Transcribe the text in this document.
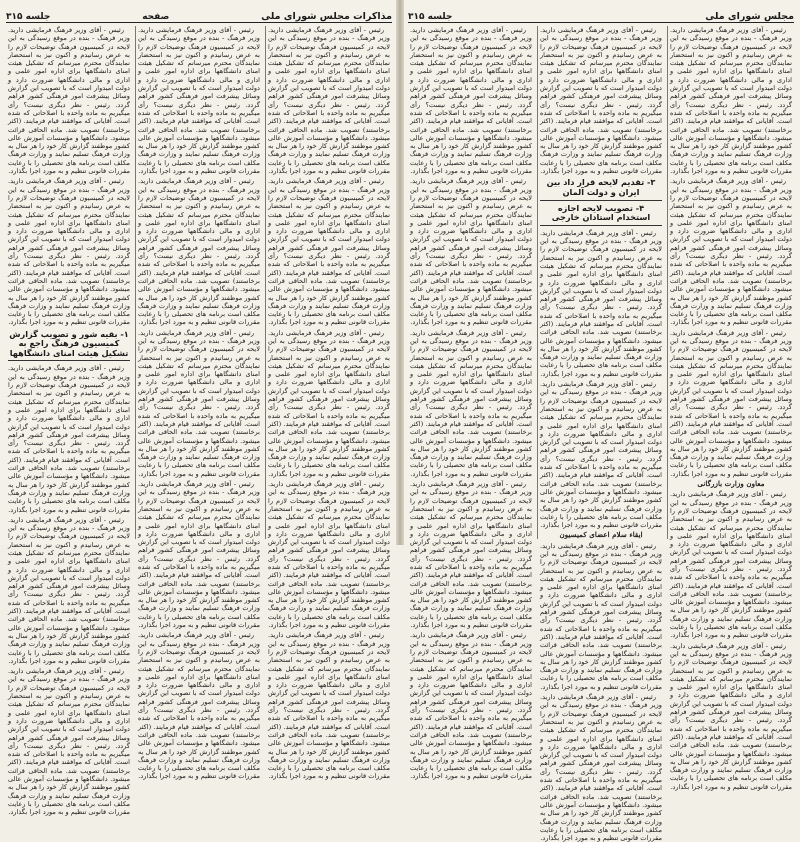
مذاکرات مجلس شورای ملی
صفحه
جلسه ۳۱۵

رئیس - آقای وزیر فرهنگ فرمایشی دارید. وزیر فرهنگ - بنده در موقع رسیدگی به این لایحه در کمیسیون فرهنگ توضیحات لازم را به عرض رسانیدم و اکنون نیز به استحضار نمایندگان محترم میرسانم که تشکیل هیئت امنای دانشگاهها برای اداره امور علمی و اداری و مالی دانشگاهها ضرورت دارد و دولت امیدوار است که با تصویب این گزارش وسائل پیشرفت امور فرهنگی کشور فراهم گردد. رئیس - نظر دیگری نیست؟ رأی میگیریم به ماده واحده با اصلاحاتی که شده است. آقایانی که موافقند قیام فرمایند. (اکثر برخاستند) تصویب شد. ماده الحاقی قرائت میشود. دانشگاهها و مؤسسات آموزش عالی کشور موظفند گزارش کار خود را هر سال به وزارت فرهنگ تسلیم نمایند و وزارت فرهنگ مکلف است برنامه های تحصیلی را با رعایت مقررات قانونی تنظیم و به مورد اجرا بگذارد.

رئیس - آقای وزیر فرهنگ فرمایشی دارید. وزیر فرهنگ - بنده در موقع رسیدگی به این لایحه در کمیسیون فرهنگ توضیحات لازم را به عرض رسانیدم و اکنون نیز به استحضار نمایندگان محترم میرسانم که تشکیل هیئت امنای دانشگاهها برای اداره امور علمی و اداری و مالی دانشگاهها ضرورت دارد و دولت امیدوار است که با تصویب این گزارش وسائل پیشرفت امور فرهنگی کشور فراهم گردد. رئیس - نظر دیگری نیست؟ رأی میگیریم به ماده واحده با اصلاحاتی که شده است. آقایانی که موافقند قیام فرمایند. (اکثر برخاستند) تصویب شد. ماده الحاقی قرائت میشود. دانشگاهها و مؤسسات آموزش عالی کشور موظفند گزارش کار خود را هر سال به وزارت فرهنگ تسلیم نمایند و وزارت فرهنگ مکلف است برنامه های تحصیلی را با رعایت مقررات قانونی تنظیم و به مورد اجرا بگذارد.

رئیس - آقای وزیر فرهنگ فرمایشی دارید. وزیر فرهنگ - بنده در موقع رسیدگی به این لایحه در کمیسیون فرهنگ توضیحات لازم را به عرض رسانیدم و اکنون نیز به استحضار نمایندگان محترم میرسانم که تشکیل هیئت امنای دانشگاهها برای اداره امور علمی و اداری و مالی دانشگاهها ضرورت دارد و دولت امیدوار است که با تصویب این گزارش وسائل پیشرفت امور فرهنگی کشور فراهم گردد. رئیس - نظر دیگری نیست؟ رأی میگیریم به ماده واحده با اصلاحاتی که شده است. آقایانی که موافقند قیام فرمایند. (اکثر برخاستند) تصویب شد. ماده الحاقی قرائت میشود. دانشگاهها و مؤسسات آموزش عالی کشور موظفند گزارش کار خود را هر سال به وزارت فرهنگ تسلیم نمایند و وزارت فرهنگ مکلف است برنامه های تحصیلی را با رعایت مقررات قانونی تنظیم و به مورد اجرا بگذارد.

رئیس - آقای وزیر فرهنگ فرمایشی دارید. وزیر فرهنگ - بنده در موقع رسیدگی به این لایحه در کمیسیون فرهنگ توضیحات لازم را به عرض رسانیدم و اکنون نیز به استحضار نمایندگان محترم میرسانم که تشکیل هیئت امنای دانشگاهها برای اداره امور علمی و اداری و مالی دانشگاهها ضرورت دارد و دولت امیدوار است که با تصویب این گزارش وسائل پیشرفت امور فرهنگی کشور فراهم گردد. رئیس - نظر دیگری نیست؟ رأی میگیریم به ماده واحده با اصلاحاتی که شده است. آقایانی که موافقند قیام فرمایند. (اکثر برخاستند) تصویب شد. ماده الحاقی قرائت میشود. دانشگاهها و مؤسسات آموزش عالی کشور موظفند گزارش کار خود را هر سال به وزارت فرهنگ تسلیم نمایند و وزارت فرهنگ مکلف است برنامه های تحصیلی را با رعایت مقررات قانونی تنظیم و به مورد اجرا بگذارد.

رئیس - آقای وزیر فرهنگ فرمایشی دارید. وزیر فرهنگ - بنده در موقع رسیدگی به این لایحه در کمیسیون فرهنگ توضیحات لازم را به عرض رسانیدم و اکنون نیز به استحضار نمایندگان محترم میرسانم که تشکیل هیئت امنای دانشگاهها برای اداره امور علمی و اداری و مالی دانشگاهها ضرورت دارد و دولت امیدوار است که با تصویب این گزارش وسائل پیشرفت امور فرهنگی کشور فراهم گردد. رئیس - نظر دیگری نیست؟ رأی میگیریم به ماده واحده با اصلاحاتی که شده است. آقایانی که موافقند قیام فرمایند. (اکثر برخاستند) تصویب شد. ماده الحاقی قرائت میشود. دانشگاهها و مؤسسات آموزش عالی کشور موظفند گزارش کار خود را هر سال به وزارت فرهنگ تسلیم نمایند و وزارت فرهنگ مکلف است برنامه های تحصیلی را با رعایت مقررات قانونی تنظیم و به مورد اجرا بگذارد.

رئیس - آقای وزیر فرهنگ فرمایشی دارید. وزیر فرهنگ - بنده در موقع رسیدگی به این لایحه در کمیسیون فرهنگ توضیحات لازم را به عرض رسانیدم و اکنون نیز به استحضار نمایندگان محترم میرسانم که تشکیل هیئت امنای دانشگاهها برای اداره امور علمی و اداری و مالی دانشگاهها ضرورت دارد و دولت امیدوار است که با تصویب این گزارش وسائل پیشرفت امور فرهنگی کشور فراهم گردد. رئیس - نظر دیگری نیست؟ رأی میگیریم به ماده واحده با اصلاحاتی که شده است. آقایانی که موافقند قیام فرمایند. (اکثر برخاستند) تصویب شد. ماده الحاقی قرائت میشود. دانشگاهها و مؤسسات آموزش عالی کشور موظفند گزارش کار خود را هر سال به وزارت فرهنگ تسلیم نمایند و وزارت فرهنگ مکلف است برنامه های تحصیلی را با رعایت مقررات قانونی تنظیم و به مورد اجرا بگذارد.

رئیس - آقای وزیر فرهنگ فرمایشی دارید. وزیر فرهنگ - بنده در موقع رسیدگی به این لایحه در کمیسیون فرهنگ توضیحات لازم را به عرض رسانیدم و اکنون نیز به استحضار نمایندگان محترم میرسانم که تشکیل هیئت امنای دانشگاهها برای اداره امور علمی و اداری و مالی دانشگاهها ضرورت دارد و دولت امیدوار است که با تصویب این گزارش وسائل پیشرفت امور فرهنگی کشور فراهم گردد. رئیس - نظر دیگری نیست؟ رأی میگیریم به ماده واحده با اصلاحاتی که شده است. آقایانی که موافقند قیام فرمایند. (اکثر برخاستند) تصویب شد. ماده الحاقی قرائت میشود. دانشگاهها و مؤسسات آموزش عالی کشور موظفند گزارش کار خود را هر سال به وزارت فرهنگ تسلیم نمایند و وزارت فرهنگ مکلف است برنامه های تحصیلی را با رعایت مقررات قانونی تنظیم و به مورد اجرا بگذارد.

رئیس - آقای وزیر فرهنگ فرمایشی دارید. وزیر فرهنگ - بنده در موقع رسیدگی به این لایحه در کمیسیون فرهنگ توضیحات لازم را به عرض رسانیدم و اکنون نیز به استحضار نمایندگان محترم میرسانم که تشکیل هیئت امنای دانشگاهها برای اداره امور علمی و اداری و مالی دانشگاهها ضرورت دارد و دولت امیدوار است که با تصویب این گزارش وسائل پیشرفت امور فرهنگی کشور فراهم گردد. رئیس - نظر دیگری نیست؟ رأی میگیریم به ماده واحده با اصلاحاتی که شده است. آقایانی که موافقند قیام فرمایند. (اکثر برخاستند) تصویب شد. ماده الحاقی قرائت میشود. دانشگاهها و مؤسسات آموزش عالی کشور موظفند گزارش کار خود را هر سال به وزارت فرهنگ تسلیم نمایند و وزارت فرهنگ مکلف است برنامه های تحصیلی را با رعایت مقررات قانونی تنظیم و به مورد اجرا بگذارد.

رئیس - آقای وزیر فرهنگ فرمایشی دارید. وزیر فرهنگ - بنده در موقع رسیدگی به این لایحه در کمیسیون فرهنگ توضیحات لازم را به عرض رسانیدم و اکنون نیز به استحضار نمایندگان محترم میرسانم که تشکیل هیئت امنای دانشگاهها برای اداره امور علمی و اداری و مالی دانشگاهها ضرورت دارد و دولت امیدوار است که با تصویب این گزارش وسائل پیشرفت امور فرهنگی کشور فراهم گردد. رئیس - نظر دیگری نیست؟ رأی میگیریم به ماده واحده با اصلاحاتی که شده است. آقایانی که موافقند قیام فرمایند. (اکثر برخاستند) تصویب شد. ماده الحاقی قرائت میشود. دانشگاهها و مؤسسات آموزش عالی کشور موظفند گزارش کار خود را هر سال به وزارت فرهنگ تسلیم نمایند و وزارت فرهنگ مکلف است برنامه های تحصیلی را با رعایت مقررات قانونی تنظیم و به مورد اجرا بگذارد.

رئیس - آقای وزیر فرهنگ فرمایشی دارید. وزیر فرهنگ - بنده در موقع رسیدگی به این لایحه در کمیسیون فرهنگ توضیحات لازم را به عرض رسانیدم و اکنون نیز به استحضار نمایندگان محترم میرسانم که تشکیل هیئت امنای دانشگاهها برای اداره امور علمی و اداری و مالی دانشگاهها ضرورت دارد و دولت امیدوار است که با تصویب این گزارش وسائل پیشرفت امور فرهنگی کشور فراهم گردد. رئیس - نظر دیگری نیست؟ رأی میگیریم به ماده واحده با اصلاحاتی که شده است. آقایانی که موافقند قیام فرمایند. (اکثر برخاستند) تصویب شد. ماده الحاقی قرائت میشود. دانشگاهها و مؤسسات آموزش عالی کشور موظفند گزارش کار خود را هر سال به وزارت فرهنگ تسلیم نمایند و وزارت فرهنگ مکلف است برنامه های تحصیلی را با رعایت مقررات قانونی تنظیم و به مورد اجرا بگذارد.

رئیس - آقای وزیر فرهنگ فرمایشی دارید. وزیر فرهنگ - بنده در موقع رسیدگی به این لایحه در کمیسیون فرهنگ توضیحات لازم را به عرض رسانیدم و اکنون نیز به استحضار نمایندگان محترم میرسانم که تشکیل هیئت امنای دانشگاهها برای اداره امور علمی و اداری و مالی دانشگاهها ضرورت دارد و دولت امیدوار است که با تصویب این گزارش وسائل پیشرفت امور فرهنگی کشور فراهم گردد. رئیس - نظر دیگری نیست؟ رأی میگیریم به ماده واحده با اصلاحاتی که شده است. آقایانی که موافقند قیام فرمایند. (اکثر برخاستند) تصویب شد. ماده الحاقی قرائت میشود. دانشگاهها و مؤسسات آموزش عالی کشور موظفند گزارش کار خود را هر سال به وزارت فرهنگ تسلیم نمایند و وزارت فرهنگ مکلف است برنامه های تحصیلی را با رعایت مقررات قانونی تنظیم و به مورد اجرا بگذارد.

رئیس - آقای وزیر فرهنگ فرمایشی دارید. وزیر فرهنگ - بنده در موقع رسیدگی به این لایحه در کمیسیون فرهنگ توضیحات لازم را به عرض رسانیدم و اکنون نیز به استحضار نمایندگان محترم میرسانم که تشکیل هیئت امنای دانشگاهها برای اداره امور علمی و اداری و مالی دانشگاهها ضرورت دارد و دولت امیدوار است که با تصویب این گزارش وسائل پیشرفت امور فرهنگی کشور فراهم گردد. رئیس - نظر دیگری نیست؟ رأی میگیریم به ماده واحده با اصلاحاتی که شده است. آقایانی که موافقند قیام فرمایند. (اکثر برخاستند) تصویب شد. ماده الحاقی قرائت میشود. دانشگاهها و مؤسسات آموزش عالی کشور موظفند گزارش کار خود را هر سال به وزارت فرهنگ تسلیم نمایند و وزارت فرهنگ مکلف است برنامه های تحصیلی را با رعایت مقررات قانونی تنظیم و به مورد اجرا بگذارد.

۱- بقیه شور و تصویب گزارش کمیسیون فرهنگ راجع به تشکیل هیئت امنای دانشگاهها

رئیس - آقای وزیر فرهنگ فرمایشی دارید. وزیر فرهنگ - بنده در موقع رسیدگی به این لایحه در کمیسیون فرهنگ توضیحات لازم را به عرض رسانیدم و اکنون نیز به استحضار نمایندگان محترم میرسانم که تشکیل هیئت امنای دانشگاهها برای اداره امور علمی و اداری و مالی دانشگاهها ضرورت دارد و دولت امیدوار است که با تصویب این گزارش وسائل پیشرفت امور فرهنگی کشور فراهم گردد. رئیس - نظر دیگری نیست؟ رأی میگیریم به ماده واحده با اصلاحاتی که شده است. آقایانی که موافقند قیام فرمایند. (اکثر برخاستند) تصویب شد. ماده الحاقی قرائت میشود. دانشگاهها و مؤسسات آموزش عالی کشور موظفند گزارش کار خود را هر سال به وزارت فرهنگ تسلیم نمایند و وزارت فرهنگ مکلف است برنامه های تحصیلی را با رعایت مقررات قانونی تنظیم و به مورد اجرا بگذارد.

رئیس - آقای وزیر فرهنگ فرمایشی دارید. وزیر فرهنگ - بنده در موقع رسیدگی به این لایحه در کمیسیون فرهنگ توضیحات لازم را به عرض رسانیدم و اکنون نیز به استحضار نمایندگان محترم میرسانم که تشکیل هیئت امنای دانشگاهها برای اداره امور علمی و اداری و مالی دانشگاهها ضرورت دارد و دولت امیدوار است که با تصویب این گزارش وسائل پیشرفت امور فرهنگی کشور فراهم گردد. رئیس - نظر دیگری نیست؟ رأی میگیریم به ماده واحده با اصلاحاتی که شده است. آقایانی که موافقند قیام فرمایند. (اکثر برخاستند) تصویب شد. ماده الحاقی قرائت میشود. دانشگاهها و مؤسسات آموزش عالی کشور موظفند گزارش کار خود را هر سال به وزارت فرهنگ تسلیم نمایند و وزارت فرهنگ مکلف است برنامه های تحصیلی را با رعایت مقررات قانونی تنظیم و به مورد اجرا بگذارد.

رئیس - آقای وزیر فرهنگ فرمایشی دارید. وزیر فرهنگ - بنده در موقع رسیدگی به این لایحه در کمیسیون فرهنگ توضیحات لازم را به عرض رسانیدم و اکنون نیز به استحضار نمایندگان محترم میرسانم که تشکیل هیئت امنای دانشگاهها برای اداره امور علمی و اداری و مالی دانشگاهها ضرورت دارد و دولت امیدوار است که با تصویب این گزارش وسائل پیشرفت امور فرهنگی کشور فراهم گردد. رئیس - نظر دیگری نیست؟ رأی میگیریم به ماده واحده با اصلاحاتی که شده است. آقایانی که موافقند قیام فرمایند. (اکثر برخاستند) تصویب شد. ماده الحاقی قرائت میشود. دانشگاهها و مؤسسات آموزش عالی کشور موظفند گزارش کار خود را هر سال به وزارت فرهنگ تسلیم نمایند و وزارت فرهنگ مکلف است برنامه های تحصیلی را با رعایت مقررات قانونی تنظیم و به مورد اجرا بگذارد.

مجلس شورای ملی
جلسه ۳۱۵

رئیس - آقای وزیر فرهنگ فرمایشی دارید. وزیر فرهنگ - بنده در موقع رسیدگی به این لایحه در کمیسیون فرهنگ توضیحات لازم را به عرض رسانیدم و اکنون نیز به استحضار نمایندگان محترم میرسانم که تشکیل هیئت امنای دانشگاهها برای اداره امور علمی و اداری و مالی دانشگاهها ضرورت دارد و دولت امیدوار است که با تصویب این گزارش وسائل پیشرفت امور فرهنگی کشور فراهم گردد. رئیس - نظر دیگری نیست؟ رأی میگیریم به ماده واحده با اصلاحاتی که شده است. آقایانی که موافقند قیام فرمایند. (اکثر برخاستند) تصویب شد. ماده الحاقی قرائت میشود. دانشگاهها و مؤسسات آموزش عالی کشور موظفند گزارش کار خود را هر سال به وزارت فرهنگ تسلیم نمایند و وزارت فرهنگ مکلف است برنامه های تحصیلی را با رعایت مقررات قانونی تنظیم و به مورد اجرا بگذارد.

رئیس - آقای وزیر فرهنگ فرمایشی دارید. وزیر فرهنگ - بنده در موقع رسیدگی به این لایحه در کمیسیون فرهنگ توضیحات لازم را به عرض رسانیدم و اکنون نیز به استحضار نمایندگان محترم میرسانم که تشکیل هیئت امنای دانشگاهها برای اداره امور علمی و اداری و مالی دانشگاهها ضرورت دارد و دولت امیدوار است که با تصویب این گزارش وسائل پیشرفت امور فرهنگی کشور فراهم گردد. رئیس - نظر دیگری نیست؟ رأی میگیریم به ماده واحده با اصلاحاتی که شده است. آقایانی که موافقند قیام فرمایند. (اکثر برخاستند) تصویب شد. ماده الحاقی قرائت میشود. دانشگاهها و مؤسسات آموزش عالی کشور موظفند گزارش کار خود را هر سال به وزارت فرهنگ تسلیم نمایند و وزارت فرهنگ مکلف است برنامه های تحصیلی را با رعایت مقررات قانونی تنظیم و به مورد اجرا بگذارد.

رئیس - آقای وزیر فرهنگ فرمایشی دارید. وزیر فرهنگ - بنده در موقع رسیدگی به این لایحه در کمیسیون فرهنگ توضیحات لازم را به عرض رسانیدم و اکنون نیز به استحضار نمایندگان محترم میرسانم که تشکیل هیئت امنای دانشگاهها برای اداره امور علمی و اداری و مالی دانشگاهها ضرورت دارد و دولت امیدوار است که با تصویب این گزارش وسائل پیشرفت امور فرهنگی کشور فراهم گردد. رئیس - نظر دیگری نیست؟ رأی میگیریم به ماده واحده با اصلاحاتی که شده است. آقایانی که موافقند قیام فرمایند. (اکثر برخاستند) تصویب شد. ماده الحاقی قرائت میشود. دانشگاهها و مؤسسات آموزش عالی کشور موظفند گزارش کار خود را هر سال به وزارت فرهنگ تسلیم نمایند و وزارت فرهنگ مکلف است برنامه های تحصیلی را با رعایت مقررات قانونی تنظیم و به مورد اجرا بگذارد.

معاون وزارت بازرگانی

رئیس - آقای وزیر فرهنگ فرمایشی دارید. وزیر فرهنگ - بنده در موقع رسیدگی به این لایحه در کمیسیون فرهنگ توضیحات لازم را به عرض رسانیدم و اکنون نیز به استحضار نمایندگان محترم میرسانم که تشکیل هیئت امنای دانشگاهها برای اداره امور علمی و اداری و مالی دانشگاهها ضرورت دارد و دولت امیدوار است که با تصویب این گزارش وسائل پیشرفت امور فرهنگی کشور فراهم گردد. رئیس - نظر دیگری نیست؟ رأی میگیریم به ماده واحده با اصلاحاتی که شده است. آقایانی که موافقند قیام فرمایند. (اکثر برخاستند) تصویب شد. ماده الحاقی قرائت میشود. دانشگاهها و مؤسسات آموزش عالی کشور موظفند گزارش کار خود را هر سال به وزارت فرهنگ تسلیم نمایند و وزارت فرهنگ مکلف است برنامه های تحصیلی را با رعایت مقررات قانونی تنظیم و به مورد اجرا بگذارد.

رئیس - آقای وزیر فرهنگ فرمایشی دارید. وزیر فرهنگ - بنده در موقع رسیدگی به این لایحه در کمیسیون فرهنگ توضیحات لازم را به عرض رسانیدم و اکنون نیز به استحضار نمایندگان محترم میرسانم که تشکیل هیئت امنای دانشگاهها برای اداره امور علمی و اداری و مالی دانشگاهها ضرورت دارد و دولت امیدوار است که با تصویب این گزارش وسائل پیشرفت امور فرهنگی کشور فراهم گردد. رئیس - نظر دیگری نیست؟ رأی میگیریم به ماده واحده با اصلاحاتی که شده است. آقایانی که موافقند قیام فرمایند. (اکثر برخاستند) تصویب شد. ماده الحاقی قرائت میشود. دانشگاهها و مؤسسات آموزش عالی کشور موظفند گزارش کار خود را هر سال به وزارت فرهنگ تسلیم نمایند و وزارت فرهنگ مکلف است برنامه های تحصیلی را با رعایت مقررات قانونی تنظیم و به مورد اجرا بگذارد.

رئیس - آقای وزیر فرهنگ فرمایشی دارید. وزیر فرهنگ - بنده در موقع رسیدگی به این لایحه در کمیسیون فرهنگ توضیحات لازم را به عرض رسانیدم و اکنون نیز به استحضار نمایندگان محترم میرسانم که تشکیل هیئت امنای دانشگاهها برای اداره امور علمی و اداری و مالی دانشگاهها ضرورت دارد و دولت امیدوار است که با تصویب این گزارش وسائل پیشرفت امور فرهنگی کشور فراهم گردد. رئیس - نظر دیگری نیست؟ رأی میگیریم به ماده واحده با اصلاحاتی که شده است. آقایانی که موافقند قیام فرمایند. (اکثر برخاستند) تصویب شد. ماده الحاقی قرائت میشود. دانشگاهها و مؤسسات آموزش عالی کشور موظفند گزارش کار خود را هر سال به وزارت فرهنگ تسلیم نمایند و وزارت فرهنگ مکلف است برنامه های تحصیلی را با رعایت مقررات قانونی تنظیم و به مورد اجرا بگذارد.

۳- تقدیم لایحه قرار داد بین ایران و دولت آلمان
۴- تصویب لایحه اجازه استخدام استادان خارجی

رئیس - آقای وزیر فرهنگ فرمایشی دارید. وزیر فرهنگ - بنده در موقع رسیدگی به این لایحه در کمیسیون فرهنگ توضیحات لازم را به عرض رسانیدم و اکنون نیز به استحضار نمایندگان محترم میرسانم که تشکیل هیئت امنای دانشگاهها برای اداره امور علمی و اداری و مالی دانشگاهها ضرورت دارد و دولت امیدوار است که با تصویب این گزارش وسائل پیشرفت امور فرهنگی کشور فراهم گردد. رئیس - نظر دیگری نیست؟ رأی میگیریم به ماده واحده با اصلاحاتی که شده است. آقایانی که موافقند قیام فرمایند. (اکثر برخاستند) تصویب شد. ماده الحاقی قرائت میشود. دانشگاهها و مؤسسات آموزش عالی کشور موظفند گزارش کار خود را هر سال به وزارت فرهنگ تسلیم نمایند و وزارت فرهنگ مکلف است برنامه های تحصیلی را با رعایت مقررات قانونی تنظیم و به مورد اجرا بگذارد.

رئیس - آقای وزیر فرهنگ فرمایشی دارید. وزیر فرهنگ - بنده در موقع رسیدگی به این لایحه در کمیسیون فرهنگ توضیحات لازم را به عرض رسانیدم و اکنون نیز به استحضار نمایندگان محترم میرسانم که تشکیل هیئت امنای دانشگاهها برای اداره امور علمی و اداری و مالی دانشگاهها ضرورت دارد و دولت امیدوار است که با تصویب این گزارش وسائل پیشرفت امور فرهنگی کشور فراهم گردد. رئیس - نظر دیگری نیست؟ رأی میگیریم به ماده واحده با اصلاحاتی که شده است. آقایانی که موافقند قیام فرمایند. (اکثر برخاستند) تصویب شد. ماده الحاقی قرائت میشود. دانشگاهها و مؤسسات آموزش عالی کشور موظفند گزارش کار خود را هر سال به وزارت فرهنگ تسلیم نمایند و وزارت فرهنگ مکلف است برنامه های تحصیلی را با رعایت مقررات قانونی تنظیم و به مورد اجرا بگذارد.

ایقاء سلام اعضای کمیسیون

رئیس - آقای وزیر فرهنگ فرمایشی دارید. وزیر فرهنگ - بنده در موقع رسیدگی به این لایحه در کمیسیون فرهنگ توضیحات لازم را به عرض رسانیدم و اکنون نیز به استحضار نمایندگان محترم میرسانم که تشکیل هیئت امنای دانشگاهها برای اداره امور علمی و اداری و مالی دانشگاهها ضرورت دارد و دولت امیدوار است که با تصویب این گزارش وسائل پیشرفت امور فرهنگی کشور فراهم گردد. رئیس - نظر دیگری نیست؟ رأی میگیریم به ماده واحده با اصلاحاتی که شده است. آقایانی که موافقند قیام فرمایند. (اکثر برخاستند) تصویب شد. ماده الحاقی قرائت میشود. دانشگاهها و مؤسسات آموزش عالی کشور موظفند گزارش کار خود را هر سال به وزارت فرهنگ تسلیم نمایند و وزارت فرهنگ مکلف است برنامه های تحصیلی را با رعایت مقررات قانونی تنظیم و به مورد اجرا بگذارد.

رئیس - آقای وزیر فرهنگ فرمایشی دارید. وزیر فرهنگ - بنده در موقع رسیدگی به این لایحه در کمیسیون فرهنگ توضیحات لازم را به عرض رسانیدم و اکنون نیز به استحضار نمایندگان محترم میرسانم که تشکیل هیئت امنای دانشگاهها برای اداره امور علمی و اداری و مالی دانشگاهها ضرورت دارد و دولت امیدوار است که با تصویب این گزارش وسائل پیشرفت امور فرهنگی کشور فراهم گردد. رئیس - نظر دیگری نیست؟ رأی میگیریم به ماده واحده با اصلاحاتی که شده است. آقایانی که موافقند قیام فرمایند. (اکثر برخاستند) تصویب شد. ماده الحاقی قرائت میشود. دانشگاهها و مؤسسات آموزش عالی کشور موظفند گزارش کار خود را هر سال به وزارت فرهنگ تسلیم نمایند و وزارت فرهنگ مکلف است برنامه های تحصیلی را با رعایت مقررات قانونی تنظیم و به مورد اجرا بگذارد.

رئیس - آقای وزیر فرهنگ فرمایشی دارید. وزیر فرهنگ - بنده در موقع رسیدگی به این لایحه در کمیسیون فرهنگ توضیحات لازم را به عرض رسانیدم و اکنون نیز به استحضار نمایندگان محترم میرسانم که تشکیل هیئت امنای دانشگاهها برای اداره امور علمی و اداری و مالی دانشگاهها ضرورت دارد و دولت امیدوار است که با تصویب این گزارش وسائل پیشرفت امور فرهنگی کشور فراهم گردد. رئیس - نظر دیگری نیست؟ رأی میگیریم به ماده واحده با اصلاحاتی که شده است. آقایانی که موافقند قیام فرمایند. (اکثر برخاستند) تصویب شد. ماده الحاقی قرائت میشود. دانشگاهها و مؤسسات آموزش عالی کشور موظفند گزارش کار خود را هر سال به وزارت فرهنگ تسلیم نمایند و وزارت فرهنگ مکلف است برنامه های تحصیلی را با رعایت مقررات قانونی تنظیم و به مورد اجرا بگذارد.

رئیس - آقای وزیر فرهنگ فرمایشی دارید. وزیر فرهنگ - بنده در موقع رسیدگی به این لایحه در کمیسیون فرهنگ توضیحات لازم را به عرض رسانیدم و اکنون نیز به استحضار نمایندگان محترم میرسانم که تشکیل هیئت امنای دانشگاهها برای اداره امور علمی و اداری و مالی دانشگاهها ضرورت دارد و دولت امیدوار است که با تصویب این گزارش وسائل پیشرفت امور فرهنگی کشور فراهم گردد. رئیس - نظر دیگری نیست؟ رأی میگیریم به ماده واحده با اصلاحاتی که شده است. آقایانی که موافقند قیام فرمایند. (اکثر برخاستند) تصویب شد. ماده الحاقی قرائت میشود. دانشگاهها و مؤسسات آموزش عالی کشور موظفند گزارش کار خود را هر سال به وزارت فرهنگ تسلیم نمایند و وزارت فرهنگ مکلف است برنامه های تحصیلی را با رعایت مقررات قانونی تنظیم و به مورد اجرا بگذارد.

رئیس - آقای وزیر فرهنگ فرمایشی دارید. وزیر فرهنگ - بنده در موقع رسیدگی به این لایحه در کمیسیون فرهنگ توضیحات لازم را به عرض رسانیدم و اکنون نیز به استحضار نمایندگان محترم میرسانم که تشکیل هیئت امنای دانشگاهها برای اداره امور علمی و اداری و مالی دانشگاهها ضرورت دارد و دولت امیدوار است که با تصویب این گزارش وسائل پیشرفت امور فرهنگی کشور فراهم گردد. رئیس - نظر دیگری نیست؟ رأی میگیریم به ماده واحده با اصلاحاتی که شده است. آقایانی که موافقند قیام فرمایند. (اکثر برخاستند) تصویب شد. ماده الحاقی قرائت میشود. دانشگاهها و مؤسسات آموزش عالی کشور موظفند گزارش کار خود را هر سال به وزارت فرهنگ تسلیم نمایند و وزارت فرهنگ مکلف است برنامه های تحصیلی را با رعایت مقررات قانونی تنظیم و به مورد اجرا بگذارد.

رئیس - آقای وزیر فرهنگ فرمایشی دارید. وزیر فرهنگ - بنده در موقع رسیدگی به این لایحه در کمیسیون فرهنگ توضیحات لازم را به عرض رسانیدم و اکنون نیز به استحضار نمایندگان محترم میرسانم که تشکیل هیئت امنای دانشگاهها برای اداره امور علمی و اداری و مالی دانشگاهها ضرورت دارد و دولت امیدوار است که با تصویب این گزارش وسائل پیشرفت امور فرهنگی کشور فراهم گردد. رئیس - نظر دیگری نیست؟ رأی میگیریم به ماده واحده با اصلاحاتی که شده است. آقایانی که موافقند قیام فرمایند. (اکثر برخاستند) تصویب شد. ماده الحاقی قرائت میشود. دانشگاهها و مؤسسات آموزش عالی کشور موظفند گزارش کار خود را هر سال به وزارت فرهنگ تسلیم نمایند و وزارت فرهنگ مکلف است برنامه های تحصیلی را با رعایت مقررات قانونی تنظیم و به مورد اجرا بگذارد.

رئیس - آقای وزیر فرهنگ فرمایشی دارید. وزیر فرهنگ - بنده در موقع رسیدگی به این لایحه در کمیسیون فرهنگ توضیحات لازم را به عرض رسانیدم و اکنون نیز به استحضار نمایندگان محترم میرسانم که تشکیل هیئت امنای دانشگاهها برای اداره امور علمی و اداری و مالی دانشگاهها ضرورت دارد و دولت امیدوار است که با تصویب این گزارش وسائل پیشرفت امور فرهنگی کشور فراهم گردد. رئیس - نظر دیگری نیست؟ رأی میگیریم به ماده واحده با اصلاحاتی که شده است. آقایانی که موافقند قیام فرمایند. (اکثر برخاستند) تصویب شد. ماده الحاقی قرائت میشود. دانشگاهها و مؤسسات آموزش عالی کشور موظفند گزارش کار خود را هر سال به وزارت فرهنگ تسلیم نمایند و وزارت فرهنگ مکلف است برنامه های تحصیلی را با رعایت مقررات قانونی تنظیم و به مورد اجرا بگذارد.
